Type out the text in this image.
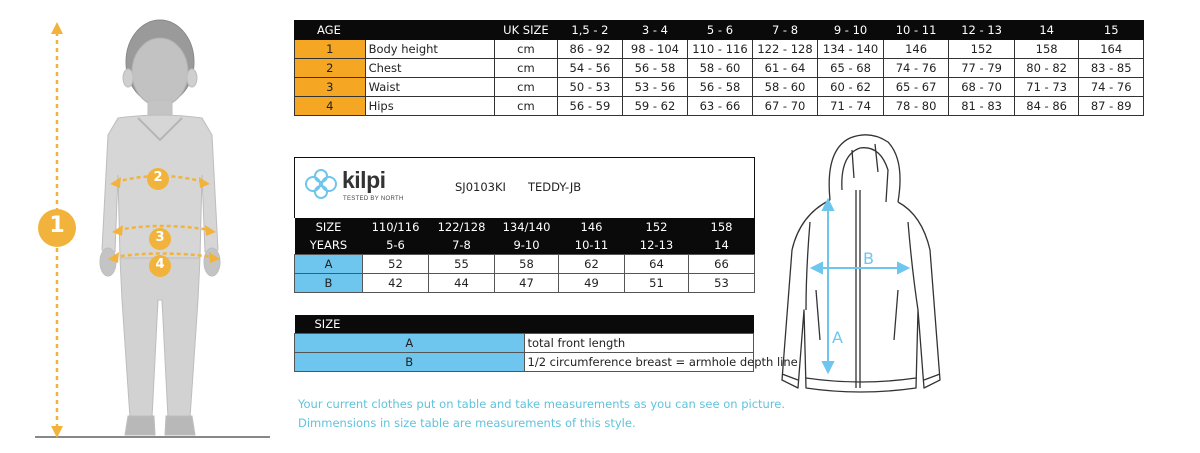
1
2
3
4
AGE		UK SIZE	1,5 - 2	3 - 4	5 - 6	7 - 8	9 - 10	10 - 11	12 - 13	14	15
1	Body height	cm	86 - 92	98 - 104	110 - 116	122 - 128	134 - 140	146	152	158	164
2	Chest	cm	54 - 56	56 - 58	58 - 60	61 - 64	65 - 68	74 - 76	77 - 79	80 - 82	83 - 85
3	Waist	cm	50 - 53	53 - 56	56 - 58	58 - 60	60 - 62	65 - 67	68 - 70	71 - 73	74 - 76
4	Hips	cm	56 - 59	59 - 62	63 - 66	67 - 70	71 - 74	78 - 80	81 - 83	84 - 86	87 - 89
kilpi
TESTED BY NORTH
SJ0103KI TEDDY-JB
SIZE	110/116	122/128	134/140	146	152	158
YEARS	5-6	7-8	9-10	10-11	12-13	14
A	52	55	58	62	64	66
B	42	44	47	49	51	53
SIZE	
A	total front length
B	1/2 circumference breast = armhole depth line
A
B
Your current clothes put on table and take measurements as you can see on picture.
Dimmensions in size table are measurements of this style.
